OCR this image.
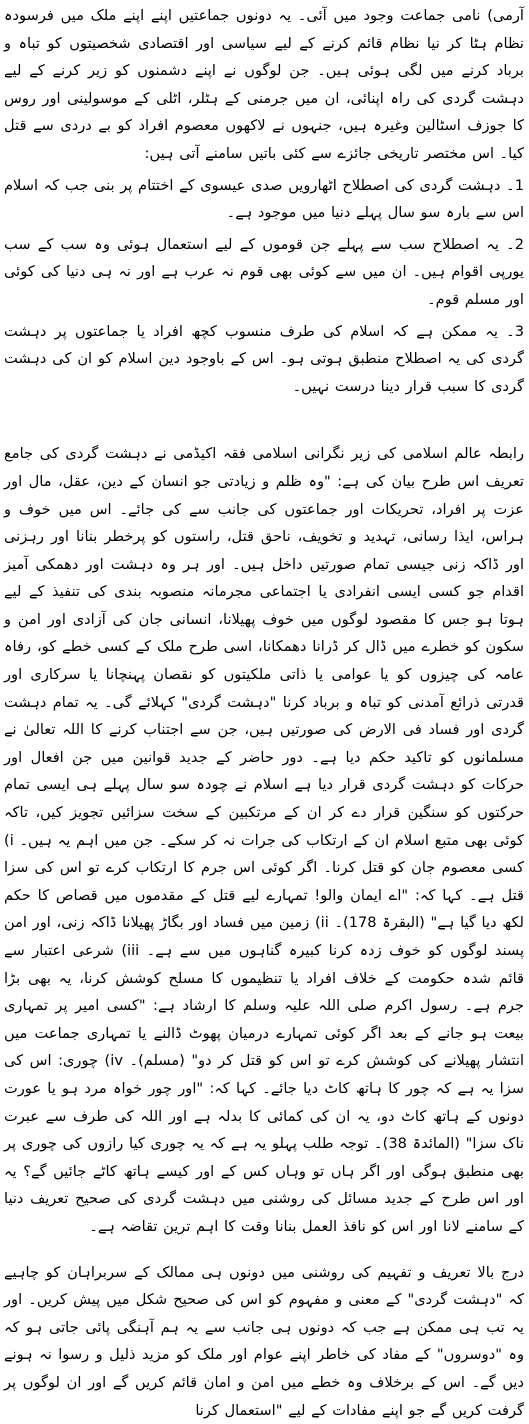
آرمی) نامی جماعت وجود میں آئی۔ یہ دونوں جماعتیں اپنے اپنے ملک میں فرسودہ نظام ہٹا کر نیا نظام قائم کرنے کے لیے سیاسی اور اقتصادی شخصیتوں کو تباہ و برباد کرنے میں لگی ہوئی ہیں۔ جن لوگوں نے اپنے دشمنوں کو زیر کرنے کے لیے دہشت گردی کی راہ اپنائی، ان میں جرمنی کے ہٹلر، اٹلی کے موسولینی اور روس کا جوزف اسٹالین وغیرہ ہیں، جنہوں نے لاکھوں معصوم افراد کو بے دردی سے قتل کیا۔ اس مختصر تاریخی جائزے سے کئی باتیں سامنے آتی ہیں:

1۔ دہشت گردی کی اصطلاح اٹھارویں صدی عیسوی کے اختتام پر بنی جب کہ اسلام اس سے بارہ سو سال پہلے دنیا میں موجود ہے۔

2۔ یہ اصطلاح سب سے پہلے جن قوموں کے لیے استعمال ہوئی وہ سب کے سب یورپی اقوام ہیں۔ ان میں سے کوئی بھی قوم نہ عرب ہے اور نہ ہی دنیا کی کوئی اور مسلم قوم۔

3۔ یہ ممکن ہے کہ اسلام کی طرف منسوب کچھ افراد یا جماعتوں پر دہشت گردی کی یہ اصطلاح منطبق ہوتی ہو۔ اس کے باوجود دین اسلام کو ان کی دہشت گردی کا سبب قرار دینا درست نہیں۔

رابطہ عالم اسلامی کی زیر نگرانی اسلامی فقہ اکیڈمی نے دہشت گردی کی جامع تعریف اس طرح بیان کی ہے: "وہ ظلم و زیادتی جو انسان کے دین، عقل، مال اور عزت پر افراد، تحریکات اور جماعتوں کی جانب سے کی جائے۔ اس میں خوف و ہراس، ایذا رسانی، تہدید و تخویف، ناحق قتل، راستوں کو پرخطر بنانا اور رہزنی اور ڈاکہ زنی جیسی تمام صورتیں داخل ہیں۔ اور ہر وہ دہشت اور دھمکی آمیز اقدام جو کسی ایسی انفرادی یا اجتماعی مجرمانہ منصوبہ بندی کی تنفیذ کے لیے ہوتا ہو جس کا مقصود لوگوں میں خوف پھیلانا، انسانی جان کی آزادی اور امن و سکون کو خطرے میں ڈال کر ڈرانا دھمکانا، اسی طرح ملک کے کسی خطے کو، رفاہ عامہ کی چیزوں کو یا عوامی یا ذاتی ملکیتوں کو نقصان پہنچانا یا سرکاری اور قدرتی ذرائع آمدنی کو تباہ و برباد کرنا "دہشت گردی" کہلائے گی۔ یہ تمام دہشت گردی اور فساد فی الارض کی صورتیں ہیں، جن سے اجتناب کرنے کا اللہ تعالیٰ نے مسلمانوں کو تاکید حکم دیا ہے۔ دور حاضر کے جدید قوانین میں جن افعال اور حرکات کو دہشت گردی قرار دیا ہے اسلام نے چودہ سو سال پہلے ہی ایسی تمام حرکتوں کو سنگین قرار دے کر ان کے مرتکبین کے سخت سزائیں تجویز کیں، تاکہ کوئی بھی متبع اسلام ان کے ارتکاب کی جرات نہ کر سکے۔ جن میں اہم یہ ہیں۔ i) کسی معصوم جان کو قتل کرنا۔ اگر کوئی اس جرم کا ارتکاب کرے تو اس کی سزا قتل ہے۔ کہا کہ: "اے ایمان والو! تمہارے لیے قتل کے مقدموں میں قصاص کا حکم لکھ دیا گیا ہے" (البقرۃ 178)۔ ii) زمین میں فساد اور بگاڑ پھیلانا ڈاکہ زنی، اور امن پسند لوگوں کو خوف زدہ کرنا کبیرہ گناہوں میں سے ہے۔ iii) شرعی اعتبار سے قائم شدہ حکومت کے خلاف افراد یا تنظیموں کا مسلح کوشش کرنا، یہ بھی بڑا جرم ہے۔ رسول اکرم صلی اللہ علیہ وسلم کا ارشاد ہے: "کسی امیر پر تمہاری بیعت ہو جانے کے بعد اگر کوئی تمہارے درمیان پھوٹ ڈالنے یا تمہاری جماعت میں انتشار پھیلانے کی کوشش کرے تو اس کو قتل کر دو" (مسلم)۔ iv) چوری: اس کی سزا یہ ہے کہ چور کا ہاتھ کاٹ دیا جائے۔ کہا کہ: "اور چور خواہ مرد ہو یا عورت دونوں کے ہاتھ کاٹ دو، یہ ان کی کمائی کا بدلہ ہے اور اللہ کی طرف سے عبرت ناک سزا" (المائدۃ 38)۔ توجہ طلب پہلو یہ ہے کہ یہ چوری کیا رازوں کی چوری پر بھی منطبق ہوگی اور اگر ہاں تو وہاں کس کے اور کیسے ہاتھ کاٹے جائیں گے؟ یہ اور اس طرح کے جدید مسائل کی روشنی میں دہشت گردی کی صحیح تعریف دنیا کے سامنے لانا اور اس کو نافذ العمل بنانا وقت کا اہم ترین تقاضہ ہے۔

درج بالا تعریف و تفہیم کی روشنی میں دونوں ہی ممالک کے سربراہان کو چاہیے کہ "دہشت گردی" کے معنی و مفہوم کو اس کی صحیح شکل میں پیش کریں۔ اور یہ تب ہی ممکن ہے جب کہ دونوں ہی جانب سے یہ ہم آہنگی پائی جاتی ہو کہ وہ "دوسروں" کے مفاد کی خاطر اپنے عوام اور ملک کو مزید ذلیل و رسوا نہ ہونے دیں گے۔ اس کے برخلاف وہ خطے میں امن و امان قائم کریں گے اور ان لوگوں پر گرفت کریں گے جو اپنے مفادات کے لیے "استعمال کرنا
